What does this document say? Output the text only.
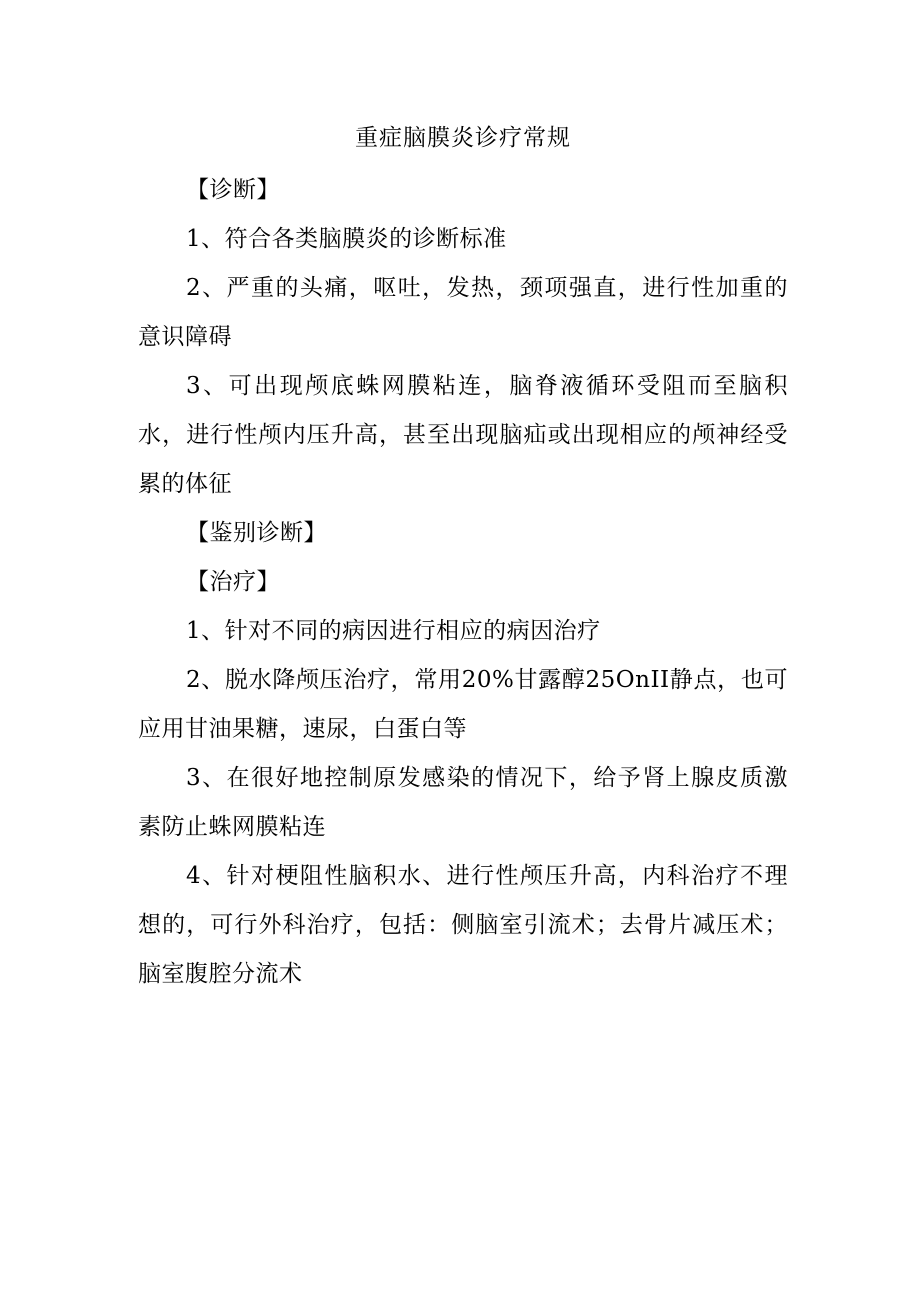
重症脑膜炎诊疗常规
【诊断】

1、符合各类脑膜炎的诊断标准

2、严重的头痛，呕吐，发热，颈项强直，进行性加重的意识障碍

3、可出现颅底蛛网膜粘连，脑脊液循环受阻而至脑积水，进行性颅内压升高，甚至出现脑疝或出现相应的颅神经受累的体征

【鉴别诊断】
【治疗】

1、针对不同的病因进行相应的病因治疗

2、脱水降颅压治疗，常用20%甘露醇25OnII静点，也可应用甘油果糖，速尿，白蛋白等

3、在很好地控制原发感染的情况下，给予肾上腺皮质激素防止蛛网膜粘连

4、针对梗阻性脑积水、进行性颅压升高，内科治疗不理想的，可行外科治疗，包括：侧脑室引流术；去骨片减压术；脑室腹腔分流术
